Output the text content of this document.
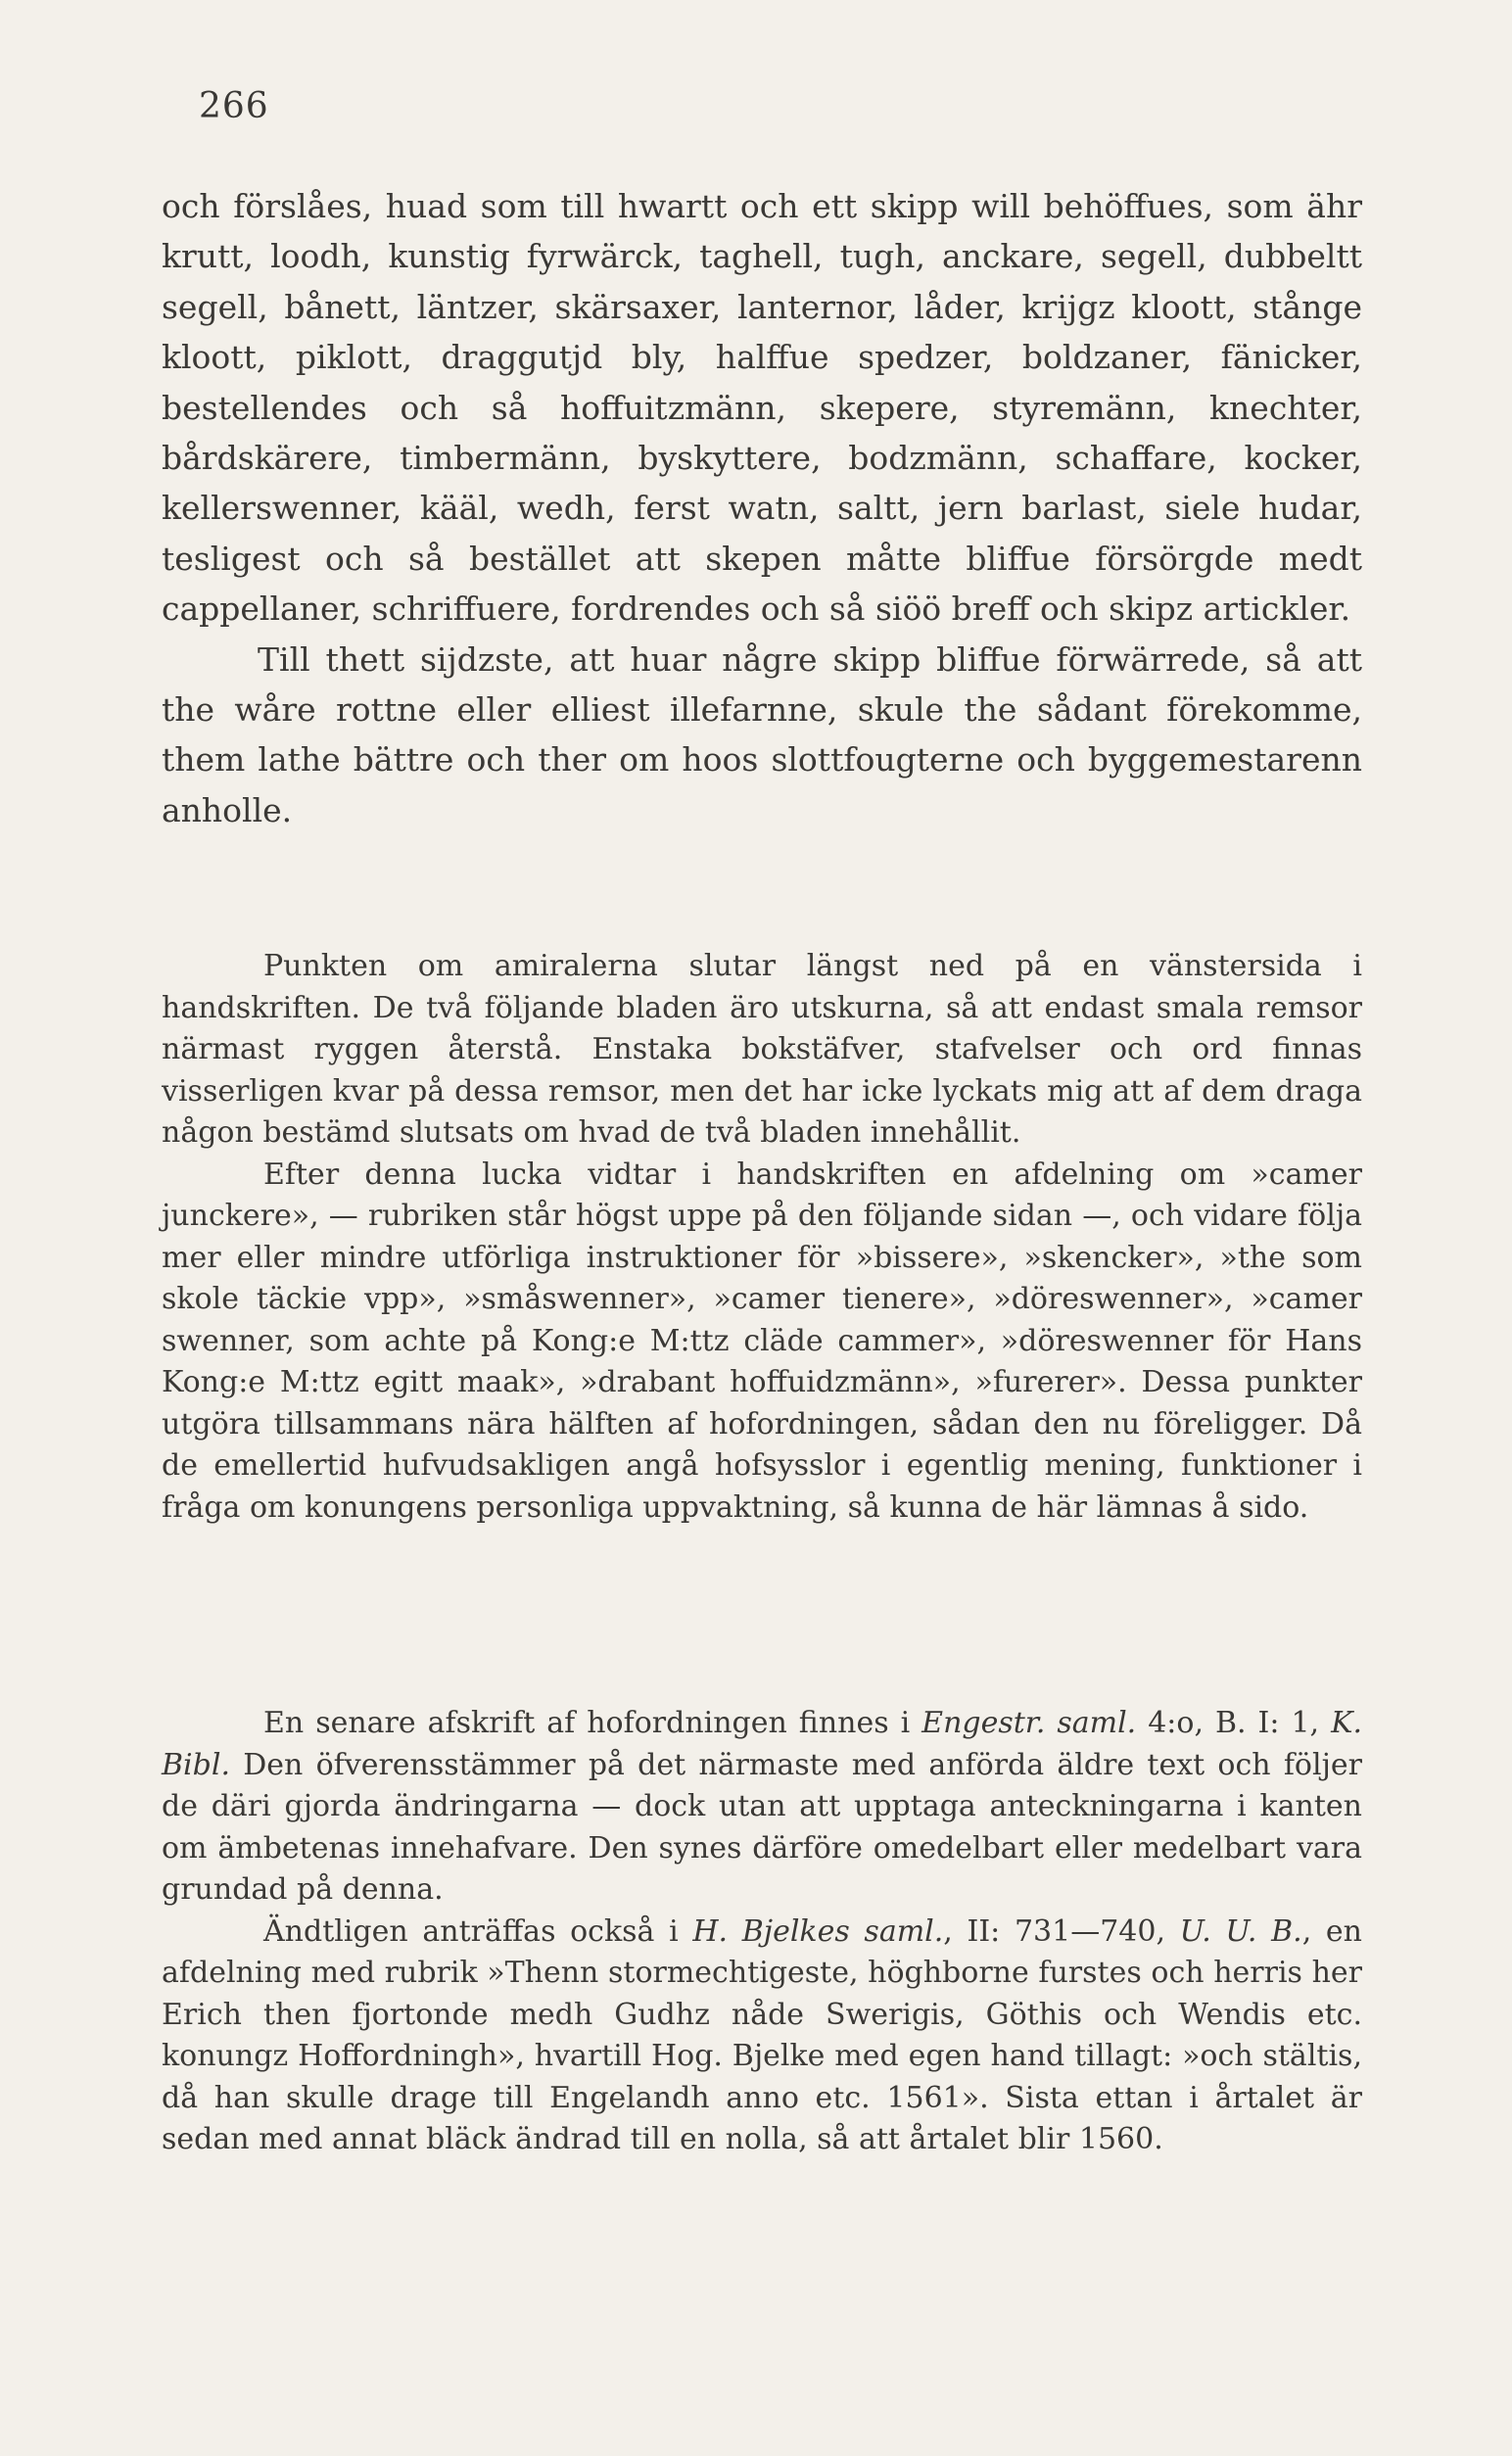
266

och förslåes, huad som till hwartt och ett skipp will behöffues, som ähr krutt, loodh, kunstig fyrwärck, taghell, tugh, anckare, segell, dubbeltt segell, bånett, läntzer, skärsaxer, lanternor, låder, krijgz kloott, stånge kloott, piklott, draggutjd bly, halffue spedzer, boldzaner, fänicker, bestellendes och så hoffuitzmänn, skepere, styremänn, knechter, bårdskärere, timbermänn, byskyttere, bodzmänn, schaffare, kocker, kellerswenner, kääl, wedh, ferst watn, saltt, jern barlast, siele hudar, tesligest och så bestället att skepen måtte bliffue försörgde medt cappellaner, schriffuere, fordrendes och så siöö breff och skipz artickler.

Till thett sijdzste, att huar någre skipp bliffue förwärrede, så att the wåre rottne eller elliest illefarnne, skule the sådant förekomme, them lathe bättre och ther om hoos slottfougterne och byggemestarenn anholle.

Punkten om amiralerna slutar längst ned på en vänstersida i handskriften. De två följande bladen äro utskurna, så att endast smala remsor närmast ryggen återstå. Enstaka bokstäfver, stafvelser och ord finnas visserligen kvar på dessa remsor, men det har icke lyckats mig att af dem draga någon bestämd slutsats om hvad de två bladen innehållit.

Efter denna lucka vidtar i handskriften en afdelning om »camer junckere», — rubriken står högst uppe på den följande sidan —, och vidare följa mer eller mindre utförliga instruktioner för »bissere», »skencker», »the som skole täckie vpp», »småswenner», »camer tienere», »döreswenner», »camer swenner, som achte på Kong:e M:ttz cläde cammer», »döreswenner för Hans Kong:e M:ttz egitt maak», »drabant hoffuidzmänn», »furerer». Dessa punkter utgöra tillsammans nära hälften af hofordningen, sådan den nu föreligger. Då de emellertid hufvudsakligen angå hofsysslor i egentlig mening, funktioner i fråga om konungens personliga uppvaktning, så kunna de här lämnas å sido.

En senare afskrift af hofordningen finnes i Engestr. saml. 4:o, B. I: 1, K. Bibl. Den öfverensstämmer på det närmaste med anförda äldre text och följer de däri gjorda ändringarna — dock utan att upptaga anteckningarna i kanten om ämbetenas innehafvare. Den synes därföre omedelbart eller medelbart vara grundad på denna.

Ändtligen anträffas också i H. Bjelkes saml., II: 731—740, U. U. B., en afdelning med rubrik »Thenn stormechtigeste, höghborne furstes och herris her Erich then fjortonde medh Gudhz nåde Swerigis, Göthis och Wendis etc. konungz Hoffordningh», hvartill Hog. Bjelke med egen hand tillagt: »och stältis, då han skulle drage till Engelandh anno etc. 1561». Sista ettan i årtalet är sedan med annat bläck ändrad till en nolla, så att årtalet blir 1560.
